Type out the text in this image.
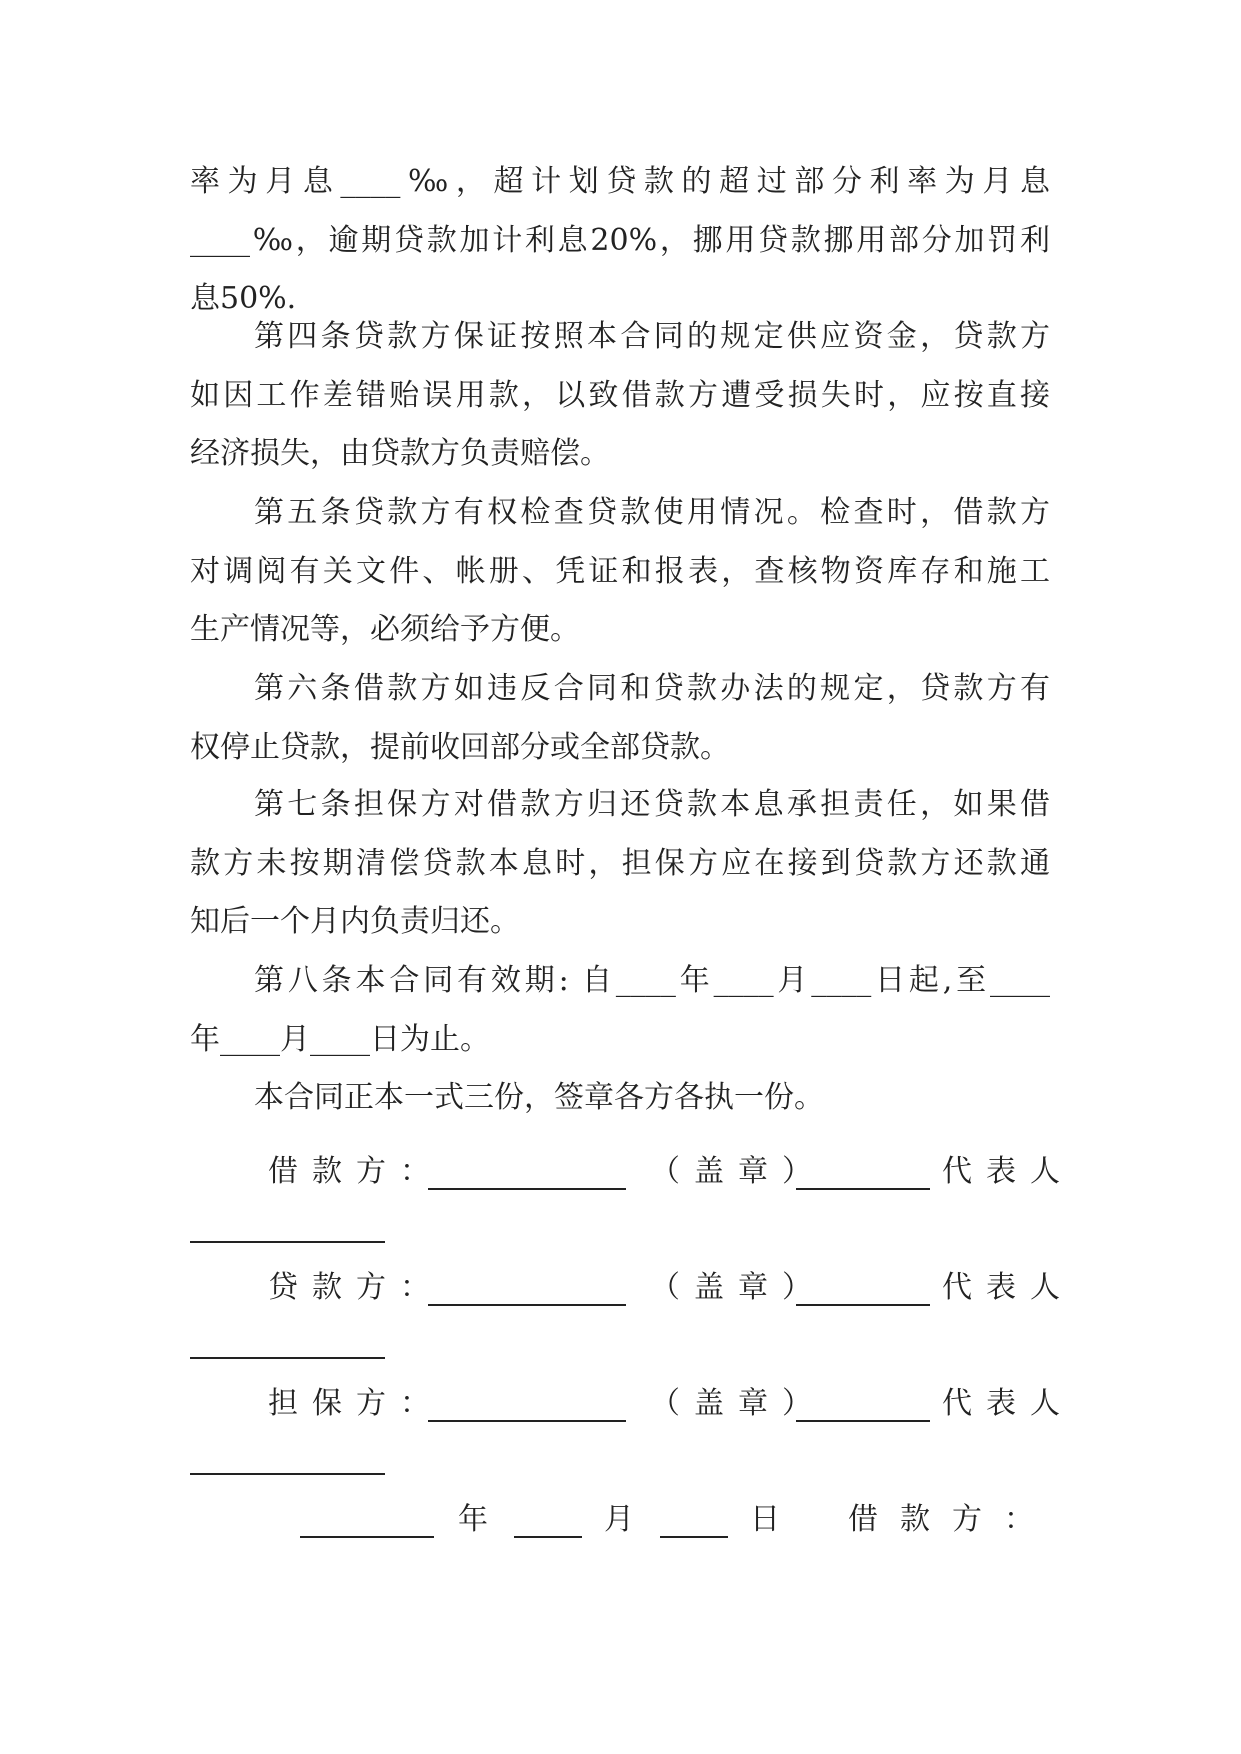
率为月息____‰，超计划贷款的超过部分利率为月息
____‰，逾期贷款加计利息20%，挪用贷款挪用部分加罚利
息50%.
第四条贷款方保证按照本合同的规定供应资金，贷款方
如因工作差错贻误用款，以致借款方遭受损失时，应按直接
经济损失，由贷款方负责赔偿。
第五条贷款方有权检查贷款使用情况。检查时，借款方
对调阅有关文件、帐册、凭证和报表，查核物资库存和施工
生产情况等，必须给予方便。
第六条借款方如违反合同和贷款办法的规定，贷款方有
权停止贷款，提前收回部分或全部贷款。
第七条担保方对借款方归还贷款本息承担责任，如果借
款方未按期清偿贷款本息时，担保方应在接到贷款方还款通
知后一个月内负责归还。
第八条本合同有效期: 自____年____月____日起,至____
年____月____日为止。
本合同正本一式三份，签章各方各执一份。
借款方：	（盖章）	代表人
贷款方：	（盖章）	代表人
担保方：	（盖章）	代表人
年	月	日 借款方：
